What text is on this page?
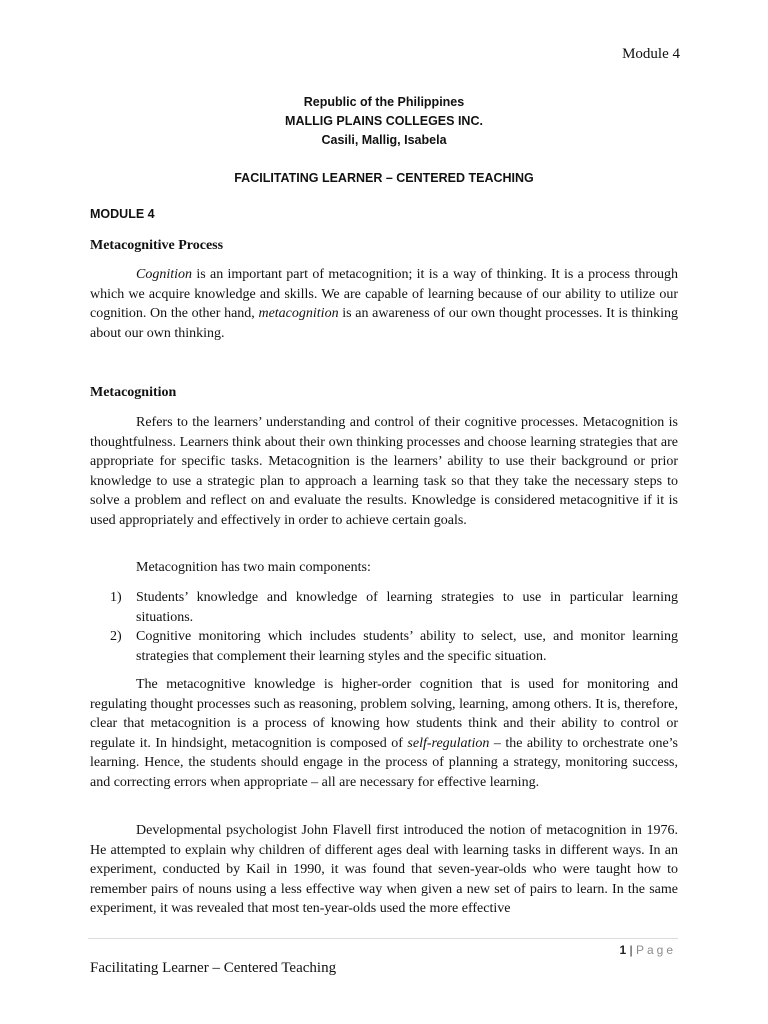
Module 4
Republic of the Philippines
MALLIG PLAINS COLLEGES INC.
Casili, Mallig, Isabela
FACILITATING LEARNER – CENTERED TEACHING
MODULE 4
Metacognitive Process

Cognition is an important part of metacognition; it is a way of thinking. It is a process through which we acquire knowledge and skills. We are capable of learning because of our ability to utilize our cognition. On the other hand, metacognition is an awareness of our own thought processes. It is thinking about our own thinking.

Metacognition

Refers to the learners’ understanding and control of their cognitive processes. Metacognition is thoughtfulness. Learners think about their own thinking processes and choose learning strategies that are appropriate for specific tasks. Metacognition is the learners’ ability to use their background or prior knowledge to use a strategic plan to approach a learning task so that they take the necessary steps to solve a problem and reflect on and evaluate the results. Knowledge is considered metacognitive if it is used appropriately and effectively in order to achieve certain goals.

Metacognition has two main components:

1) Students’ knowledge and knowledge of learning strategies to use in particular learning situations.
2) Cognitive monitoring which includes students’ ability to select, use, and monitor learning strategies that complement their learning styles and the specific situation.

The metacognitive knowledge is higher-order cognition that is used for monitoring and regulating thought processes such as reasoning, problem solving, learning, among others. It is, therefore, clear that metacognition is a process of knowing how students think and their ability to control or regulate it. In hindsight, metacognition is composed of self-regulation – the ability to orchestrate one’s learning. Hence, the students should engage in the process of planning a strategy, monitoring success, and correcting errors when appropriate – all are necessary for effective learning.

Developmental psychologist John Flavell first introduced the notion of metacognition in 1976. He attempted to explain why children of different ages deal with learning tasks in different ways. In an experiment, conducted by Kail in 1990, it was found that seven-year-olds who were taught how to remember pairs of nouns using a less effective way when given a new set of pairs to learn. In the same experiment, it was revealed that most ten-year-olds used the more effective

1 | Page
Facilitating Learner – Centered Teaching
